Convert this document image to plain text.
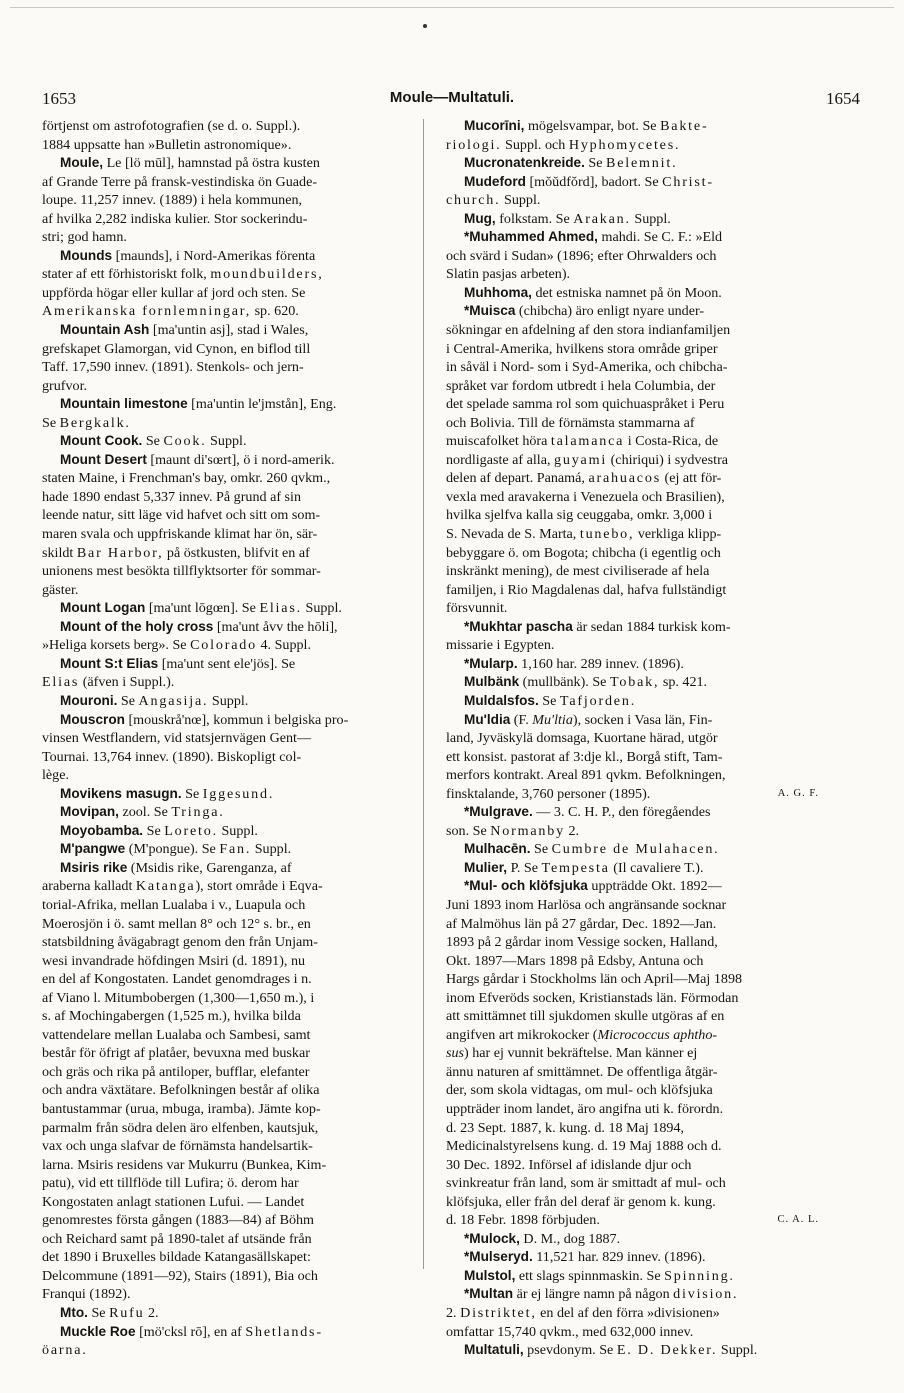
1653	Moule—Multatuli.	1654
förtjenst om astrofotografien (se d. o. Suppl.).
1884 uppsatte han »Bulletin astronomique».
Moule, Le [lö mūl], hamnstad på östra kusten
af Grande Terre på fransk-vestindiska ön Guade-
loupe. 11,257 innev. (1889) i hela kommunen,
af hvilka 2,282 indiska kulier. Stor sockerindu-
stri; god hamn.
Mounds [maunds], i Nord-Amerikas förenta
stater af ett förhistoriskt folk, moundbuilders,
uppförda högar eller kullar af jord och sten. Se
Amerikanska fornlemningar, sp. 620.
Mountain Ash [ma'untin asj], stad i Wales,
grefskapet Glamorgan, vid Cynon, en biflod till
Taff. 17,590 innev. (1891). Stenkols- och jern-
grufvor.
Mountain limestone [ma'untin le'jmstån], Eng.
Se Bergkalk.
Mount Cook. Se Cook. Suppl.
Mount Desert [maunt di'sœrt], ö i nord-amerik.
staten Maine, i Frenchman's bay, omkr. 260 qvkm.,
hade 1890 endast 5,337 innev. På grund af sin
leende natur, sitt läge vid hafvet och sitt om som-
maren svala och uppfriskande klimat har ön, sär-
skildt Bar Harbor, på östkusten, blifvit en af
unionens mest besökta tillflyktsorter för sommar-
gäster.
Mount Logan [ma'unt lōgœn]. Se Elias. Suppl.
Mount of the holy cross [ma'unt åvv the hōli],
»Heliga korsets berg». Se Colorado 4. Suppl.
Mount S:t Elias [ma'unt sent ele'jös]. Se
Elias (äfven i Suppl.).
Mouroni. Se Angasija. Suppl.
Mouscron [mouskrå'nœ], kommun i belgiska pro-
vinsen Westflandern, vid statsjernvägen Gent—
Tournai. 13,764 innev. (1890). Biskopligt col-
lège.
Movikens masugn. Se Iggesund.
Movipan, zool. Se Tringa.
Moyobamba. Se Loreto. Suppl.
M'pangwe (M'pongue). Se Fan. Suppl.
Msiris rike (Msidis rike, Garenganza, af
araberna kalladt Katanga), stort område i Eqva-
torial-Afrika, mellan Lualaba i v., Luapula och
Moerosjön i ö. samt mellan 8° och 12° s. br., en
statsbildning åvägabragt genom den från Unjam-
wesi invandrade höfdingen Msiri (d. 1891), nu
en del af Kongostaten. Landet genomdrages i n.
af Viano l. Mitumbobergen (1,300—1,650 m.), i
s. af Mochingabergen (1,525 m.), hvilka bilda
vattendelare mellan Lualaba och Sambesi, samt
består för öfrigt af platåer, bevuxna med buskar
och gräs och rika på antiloper, bufflar, elefanter
och andra växtätare. Befolkningen består af olika
bantustammar (urua, mbuga, iramba). Jämte kop-
parmalm från södra delen äro elfenben, kautsjuk,
vax och unga slafvar de förnämsta handelsartik-
larna. Msiris residens var Mukurru (Bunkea, Kim-
patu), vid ett tillflöde till Lufira; ö. derom har
Kongostaten anlagt stationen Lufui. — Landet
genomrestes första gången (1883—84) af Böhm
och Reichard samt på 1890-talet af utsände från
det 1890 i Bruxelles bildade Katangasällskapet:
Delcommune (1891—92), Stairs (1891), Bia och
Franqui (1892).
Mto. Se Rufu 2.
Muckle Roe [mö'cksl rō], en af Shetlands-
öarna.
Mucorīni, mögelsvampar, bot. Se Bakte-
riologi. Suppl. och Hyphomycetes.
Mucronatenkreide. Se Belemnit.
Mudeford [mŏŭdfŏrd], badort. Se Christ-
church. Suppl.
Mug, folkstam. Se Arakan. Suppl.
*Muhammed Ahmed, mahdi. Se C. F.: »Eld
och svärd i Sudan» (1896; efter Ohrwalders och
Slatin pasjas arbeten).
Muhhoma, det estniska namnet på ön Moon.
*Muisca (chibcha) äro enligt nyare under-
sökningar en afdelning af den stora indianfamiljen
i Central-Amerika, hvilkens stora område griper
in såväl i Nord- som i Syd-Amerika, och chibcha-
språket var fordom utbredt i hela Columbia, der
det spelade samma rol som quichuaspråket i Peru
och Bolivia. Till de förnämsta stammarna af
muiscafolket höra talamanca i Costa-Rica, de
nordligaste af alla, guyami (chiriqui) i sydvestra
delen af depart. Panamá, arahuacos (ej att för-
vexla med aravakerna i Venezuela och Brasilien),
hvilka sjelfva kalla sig ceuggaba, omkr. 3,000 i
S. Nevada de S. Marta, tunebo, verkliga klipp-
bebyggare ö. om Bogota; chibcha (i egentlig och
inskränkt mening), de mest civiliserade af hela
familjen, i Rio Magdalenas dal, hafva fullständigt
försvunnit.
*Mukhtar pascha är sedan 1884 turkisk kom-
missarie i Egypten.
*Mularp. 1,160 har. 289 innev. (1896).
Mulbänk (mullbänk). Se Tobak, sp. 421.
Muldalsfos. Se Tafjorden.
Mu'ldia (F. Mu'ltia), socken i Vasa län, Fin-
land, Jyväskylä domsaga, Kuortane härad, utgör
ett konsist. pastorat af 3:dje kl., Borgå stift, Tam-
merfors kontrakt. Areal 891 qvkm. Befolkningen,
finsktalande, 3,760 personer (1895).	A. G. F.
*Mulgrave. — 3. C. H. P., den föregåendes
son. Se Normanby 2.
Mulhacēn. Se Cumbre de Mulahacen.
Mulier, P. Se Tempesta (Il cavaliere T.).
*Mul- och klöfsjuka uppträdde Okt. 1892—
Juni 1893 inom Harlösa och angränsande socknar
af Malmöhus län på 27 gårdar, Dec. 1892—Jan.
1893 på 2 gårdar inom Vessige socken, Halland,
Okt. 1897—Mars 1898 på Edsby, Antuna och
Hargs gårdar i Stockholms län och April—Maj 1898
inom Efveröds socken, Kristianstads län. Förmodan
att smittämnet till sjukdomen skulle utgöras af en
angifven art mikrokocker (Micrococcus aphtho-
sus) har ej vunnit bekräftelse. Man känner ej
ännu naturen af smittämnet. De offentliga åtgär-
der, som skola vidtagas, om mul- och klöfsjuka
uppträder inom landet, äro angifna uti k. förordn.
d. 23 Sept. 1887, k. kung. d. 18 Maj 1894,
Medicinalstyrelsens kung. d. 19 Maj 1888 och d.
30 Dec. 1892. Införsel af idislande djur och
svinkreatur från land, som är smittadt af mul- och
klöfsjuka, eller från del deraf är genom k. kung.
d. 18 Febr. 1898 förbjuden.	C. A. L.
*Mulock, D. M., dog 1887.
*Mulseryd. 11,521 har. 829 innev. (1896).
Mulstol, ett slags spinnmaskin. Se Spinning.
*Multan är ej längre namn på någon division.
2. Distriktet, en del af den förra »divisionen»
omfattar 15,740 qvkm., med 632,000 innev.
Multatuli, psevdonym. Se E. D. Dekker. Suppl.
